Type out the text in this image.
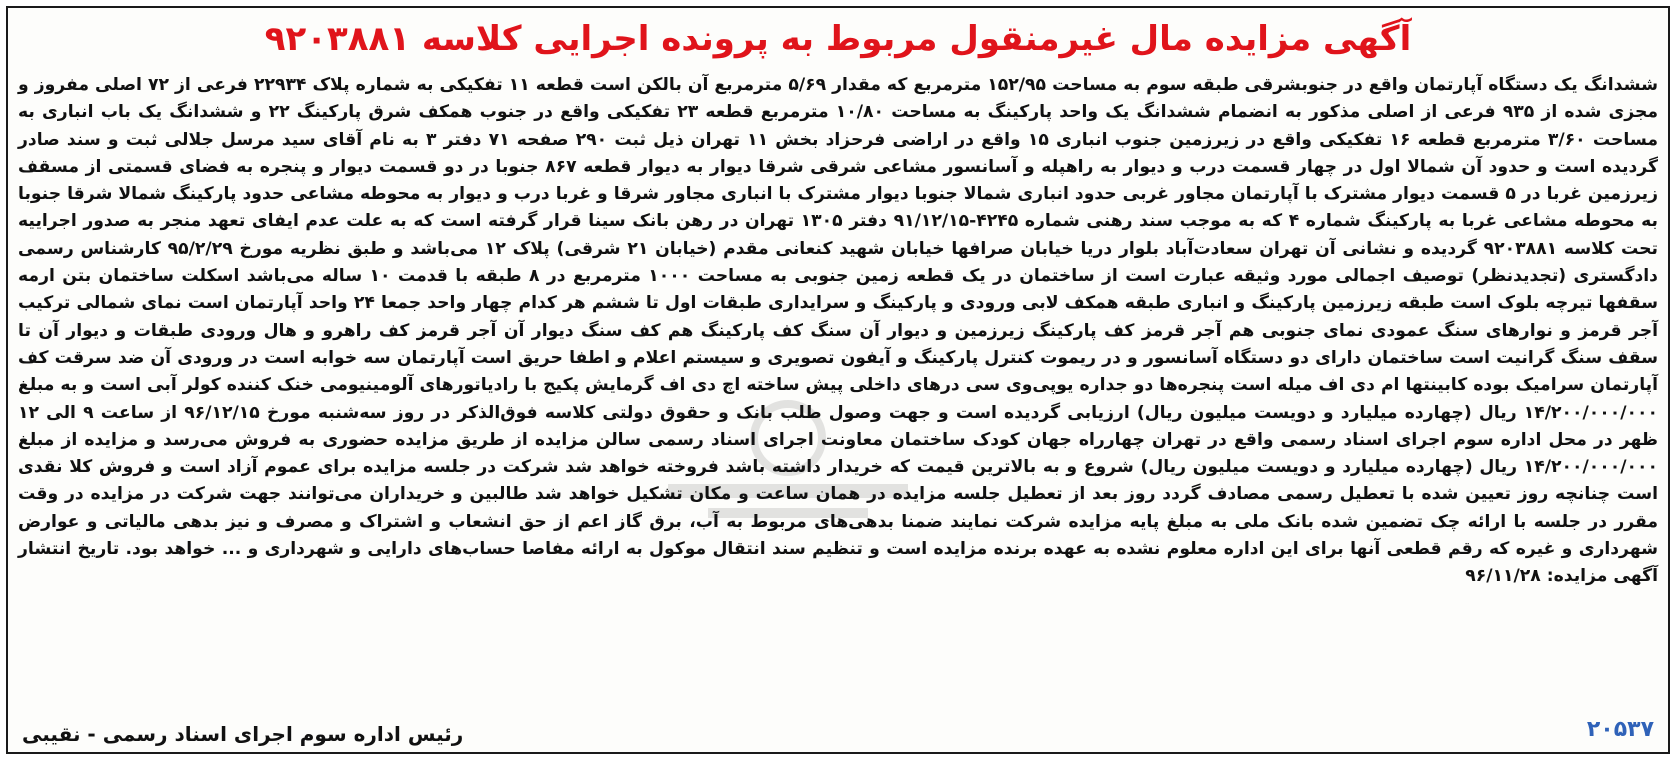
آگهی مزایده مال غیرمنقول مربوط به پرونده اجرایی کلاسه ۹۲۰۳۸۸۱
ششدانگ یک دستگاه آپارتمان واقع در جنوبشرقی طبقه سوم به مساحت ۱۵۲/۹۵ مترمربع که مقدار ۵/۶۹ مترمربع آن بالکن است قطعه ۱۱ تفکیکی به شماره پلاک ۲۲۹۳۴ فرعی از ۷۲ اصلی مفروز و مجزی شده از ۹۳۵ فرعی از اصلی مذکور به انضمام ششدانگ یک واحد پارکینگ به مساحت ۱۰/۸۰ مترمربع قطعه ۲۳ تفکیکی واقع در جنوب همکف شرق پارکینگ ۲۲ و ششدانگ یک باب انباری به مساحت ۳/۶۰ مترمربع قطعه ۱۶ تفکیکی واقع در زیرزمین جنوب انباری ۱۵ واقع در اراضی فرحزاد بخش ۱۱ تهران ذیل ثبت ۲۹۰ صفحه ۷۱ دفتر ۳ به نام آقای سید مرسل جلالی ثبت و سند صادر گردیده است و حدود آن شمالا اول در چهار قسمت درب و دیوار به راهپله و آسانسور مشاعی شرقی شرقا دیوار به دیوار قطعه ۸۶۷ جنوبا در دو قسمت دیوار و پنجره به فضای قسمتی از مسقف زیرزمین غربا در ۵ قسمت دیوار مشترک با آپارتمان مجاور غربی حدود انباری شمالا جنوبا دیوار مشترک با انباری مجاور شرقا و غربا درب و دیوار به محوطه مشاعی حدود پارکینگ شمالا شرقا جنوبا به محوطه مشاعی غربا به پارکینگ شماره ۴ که به موجب سند رهنی شماره ۴۲۴۵-۹۱/۱۲/۱۵ دفتر ۱۳۰۵ تهران در رهن بانک سینا قرار گرفته است که به علت عدم ایفای تعهد منجر به صدور اجراییه تحت کلاسه ۹۲۰۳۸۸۱ گردیده و نشانی آن تهران سعادت‌آباد بلوار دریا خیابان صرافها خیابان شهید کنعانی مقدم (خیابان ۲۱ شرقی) پلاک ۱۲ می‌باشد و طبق نظریه مورخ ۹۵/۲/۲۹ کارشناس رسمی دادگستری (تجدیدنظر) توصیف اجمالی مورد وثیقه عبارت است از ساختمان در یک قطعه زمین جنوبی به مساحت ۱۰۰۰ مترمربع در ۸ طبقه با قدمت ۱۰ ساله می‌باشد اسکلت ساختمان بتن ارمه سقفها تیرچه بلوک است طبقه زیرزمین پارکینگ و انباری طبقه همکف لابی ورودی و پارکینگ و سرایداری طبقات اول تا ششم هر کدام چهار واحد جمعا ۲۴ واحد آپارتمان است نمای شمالی ترکیب آجر قرمز و نوارهای سنگ عمودی نمای جنوبی هم آجر قرمز کف پارکینگ زیرزمین و دیوار آن سنگ کف پارکینگ هم کف سنگ دیوار آن آجر قرمز کف راهرو و هال ورودی طبقات و دیوار آن تا سقف سنگ گرانیت است ساختمان دارای دو دستگاه آسانسور و در ریموت کنترل پارکینگ و آیفون تصویری و سیستم اعلام و اطفا حریق است آپارتمان سه خوابه است در ورودی آن ضد سرقت کف آپارتمان سرامیک بوده کابینتها ام دی اف میله است پنجره‌ها دو جداره یوپی‌وی سی درهای داخلی پیش ساخته اچ دی اف گرمایش پکیج با رادیاتورهای آلومینیومی خنک کننده کولر آبی است و به مبلغ ۱۴/۲۰۰/۰۰۰/۰۰۰ ریال (چهارده میلیارد و دویست میلیون ریال) ارزیابی گردیده است و جهت وصول طلب بانک و حقوق دولتی کلاسه فوق‌الذکر در روز سه‌شنبه مورخ ۹۶/۱۲/۱۵ از ساعت ۹ الی ۱۲ ظهر در محل اداره سوم اجرای اسناد رسمی واقع در تهران چهارراه جهان کودک ساختمان معاونت اجرای اسناد رسمی سالن مزایده از طریق مزایده حضوری به فروش می‌رسد و مزایده از مبلغ ۱۴/۲۰۰/۰۰۰/۰۰۰ ریال (چهارده میلیارد و دویست میلیون ریال) شروع و به بالاترین قیمت که خریدار داشته باشد فروخته خواهد شد شرکت در جلسه مزایده برای عموم آزاد است و فروش کلا نقدی است چنانچه روز تعیین شده با تعطیل رسمی مصادف گردد روز بعد از تعطیل جلسه مزایده در همان ساعت و مکان تشکیل خواهد شد طالبین و خریداران می‌توانند جهت شرکت در مزایده در وقت مقرر در جلسه با ارائه چک تضمین شده بانک ملی به مبلغ پایه مزایده شرکت نمایند ضمنا بدهی‌های مربوط به آب، برق گاز اعم از حق انشعاب و اشتراک و مصرف و نیز بدهی مالیاتی و عوارض شهرداری و غیره که رقم قطعی آنها برای این اداره معلوم نشده به عهده برنده مزایده است و تنظیم سند انتقال موکول به ارائه مفاصا حساب‌های دارایی و شهرداری و ... خواهد بود. تاریخ انتشار آگهی مزایده: ۹۶/۱۱/۲۸
۲۰۵۳۷
رئیس اداره سوم اجرای اسناد رسمی - نقیبی
